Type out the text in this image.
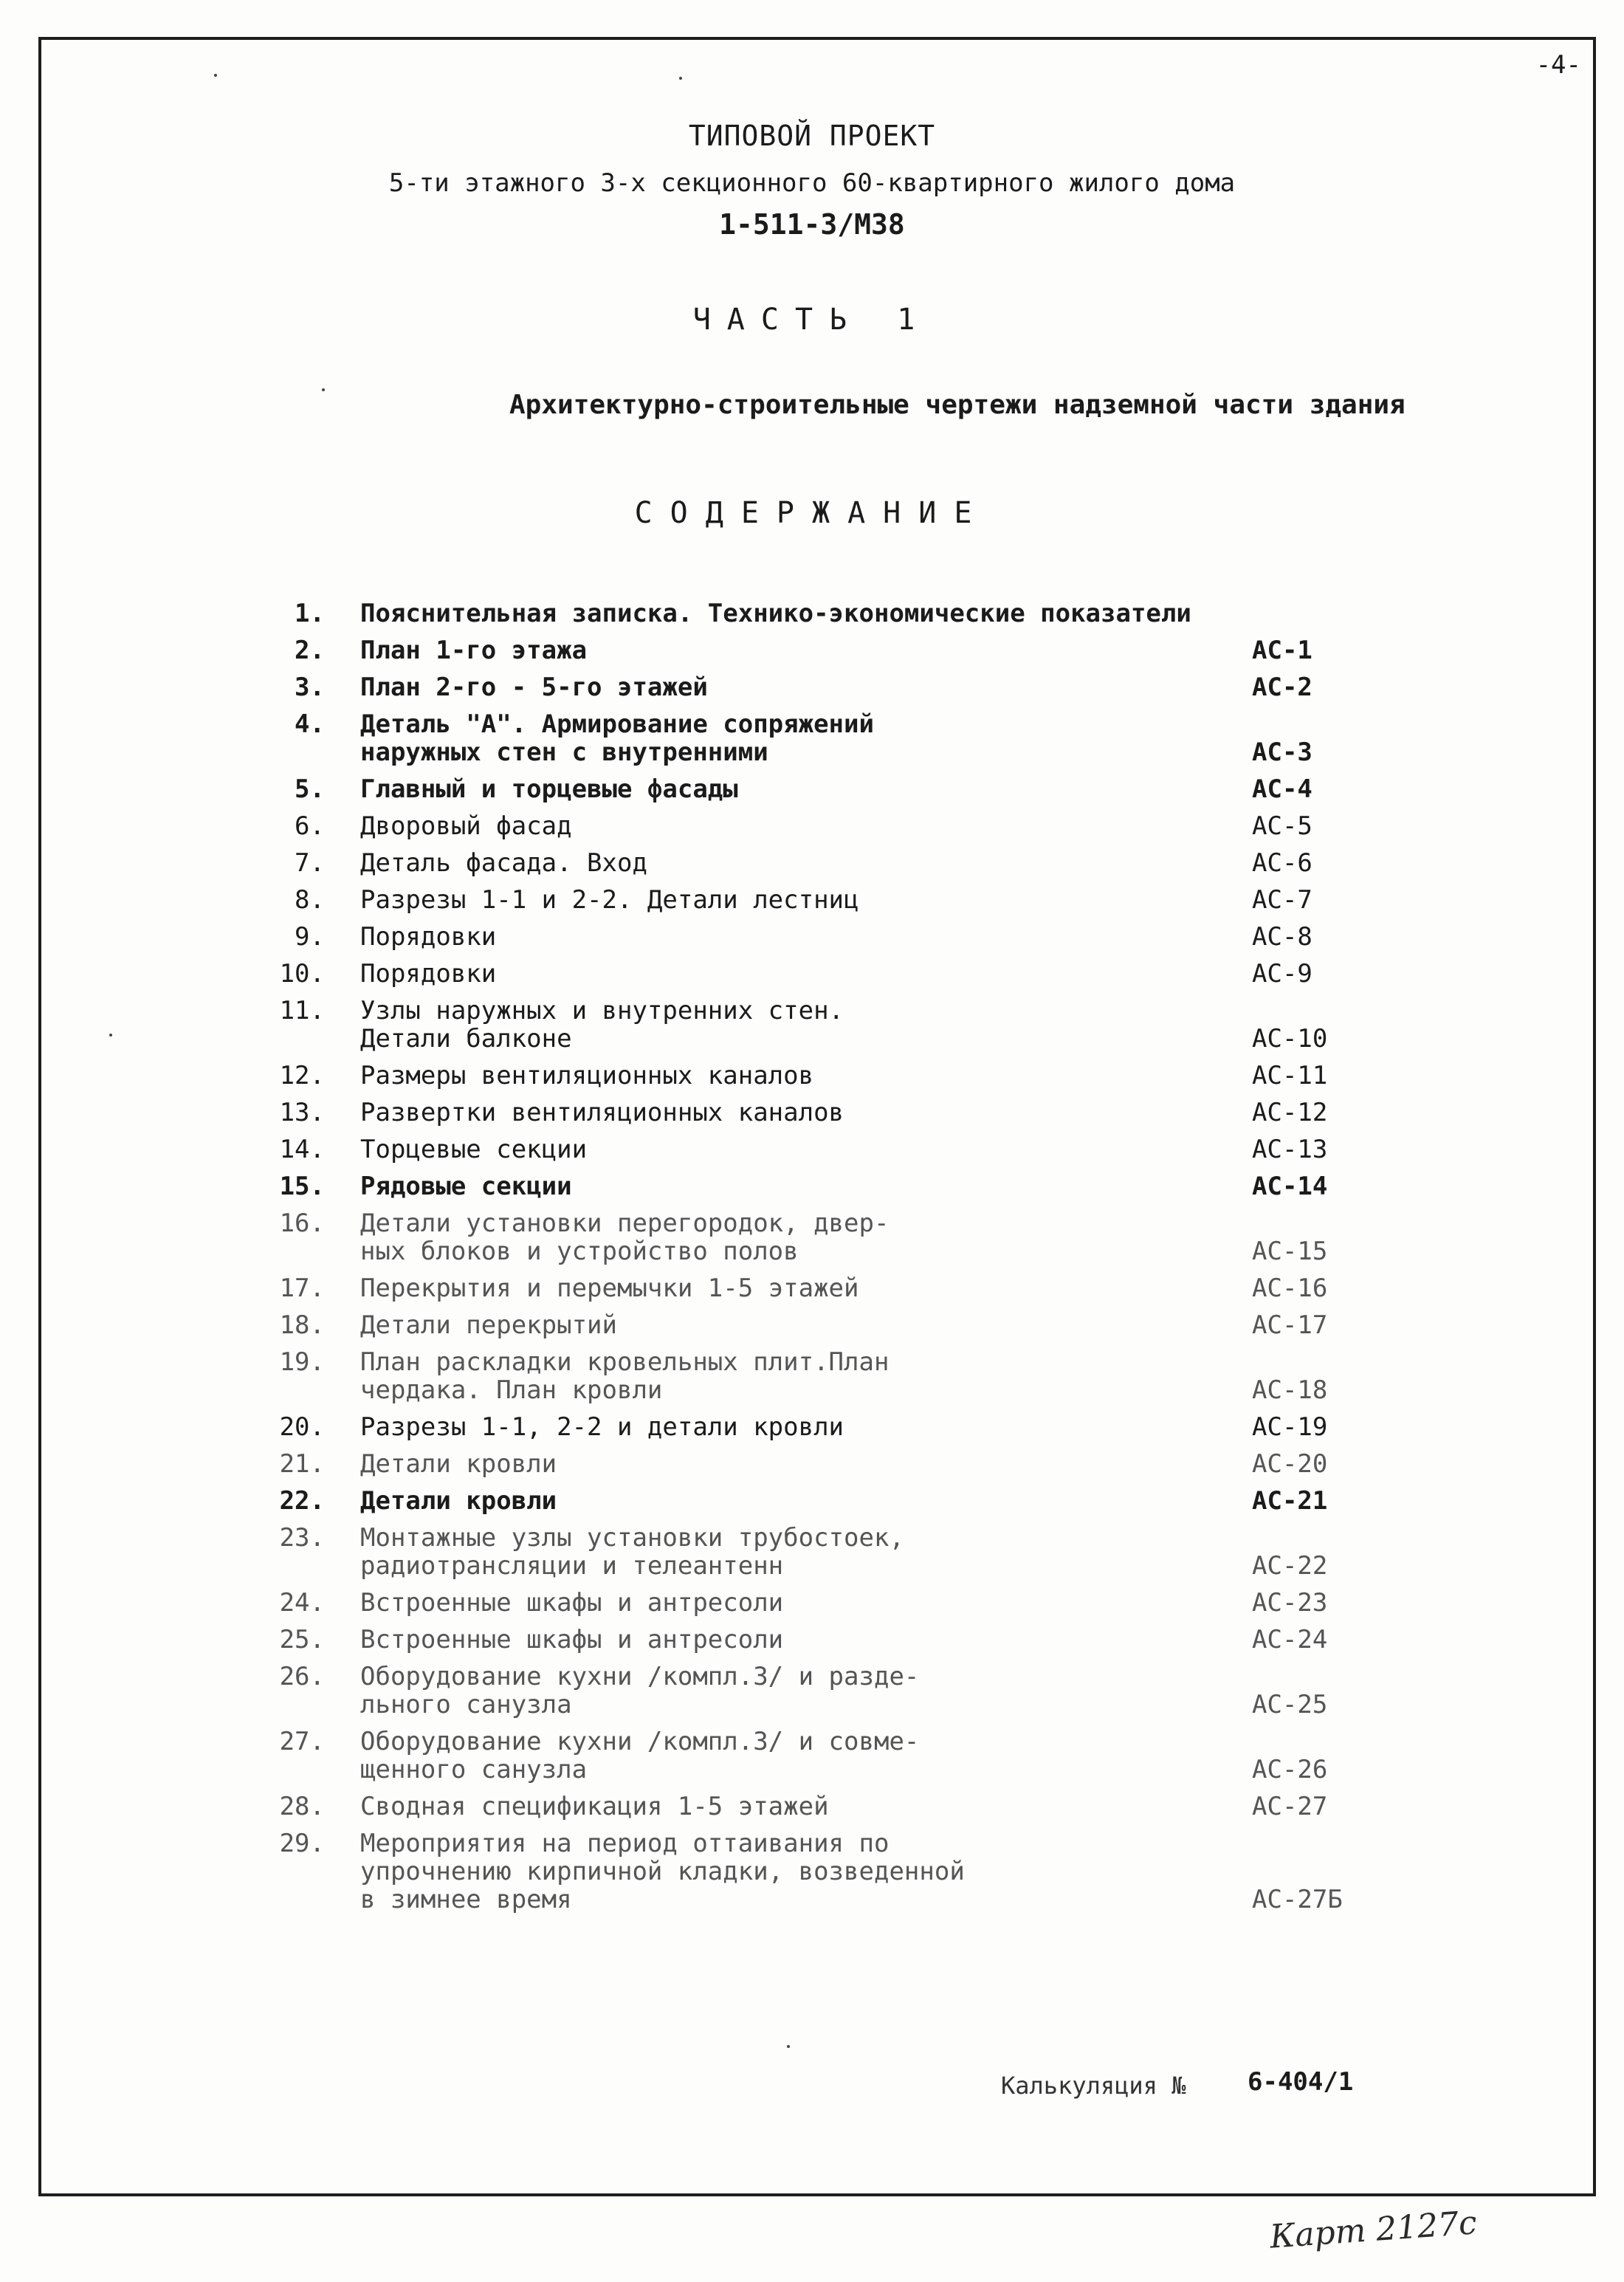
-4-
ТИПОВОЙ ПРОЕКТ
5-ти этажного 3-х секционного 60-квартирного жилого дома
1-511-3/М38
ЧАСТЬ 1
Архитектурно-строительные чертежи надземной части здания
СОДЕРЖАНИЕ
1. Пояснительная записка. Технико-экономические показатели
2. План 1-го этажа	АС-1
3. План 2-го - 5-го этажей	АС-2
4. Деталь "А". Армирование сопряжений
наружных стен с внутренними	АС-3
5. Главный и торцевые фасады	АС-4
6. Дворовый фасад	АС-5
7. Деталь фасада. Вход	АС-6
8. Разрезы 1-1 и 2-2. Детали лестниц	АС-7
9. Порядовки	АС-8
10. Порядовки	АС-9
11. Узлы наружных и внутренних стен.
Детали балконе	АС-10
12. Размеры вентиляционных каналов	АС-11
13. Развертки вентиляционных каналов	АС-12
14. Торцевые секции	АС-13
15. Рядовые секции	АС-14
16. Детали установки перегородок, двер-
ных блоков и устройство полов	АС-15
17. Перекрытия и перемычки 1-5 этажей	АС-16
18. Детали перекрытий	АС-17
19. План раскладки кровельных плит.План
чердака. План кровли	АС-18
20. Разрезы 1-1, 2-2 и детали кровли	АС-19
21. Детали кровли	АС-20
22. Детали кровли	АС-21
23. Монтажные узлы установки трубостоек,
радиотрансляции и телеантенн	АС-22
24. Встроенные шкафы и антресоли	АС-23
25. Встроенные шкафы и антресоли	АС-24
26. Оборудование кухни /компл.3/ и разде-
льного санузла	АС-25
27. Оборудование кухни /компл.3/ и совме-
щенного санузла	АС-26
28. Сводная спецификация 1-5 этажей	АС-27
29. Мероприятия на период оттаивания по
упрочнению кирпичной кладки, возведенной
в зимнее время	АС-27Б
Калькуляция № 6-404/1
Карт 2127с
